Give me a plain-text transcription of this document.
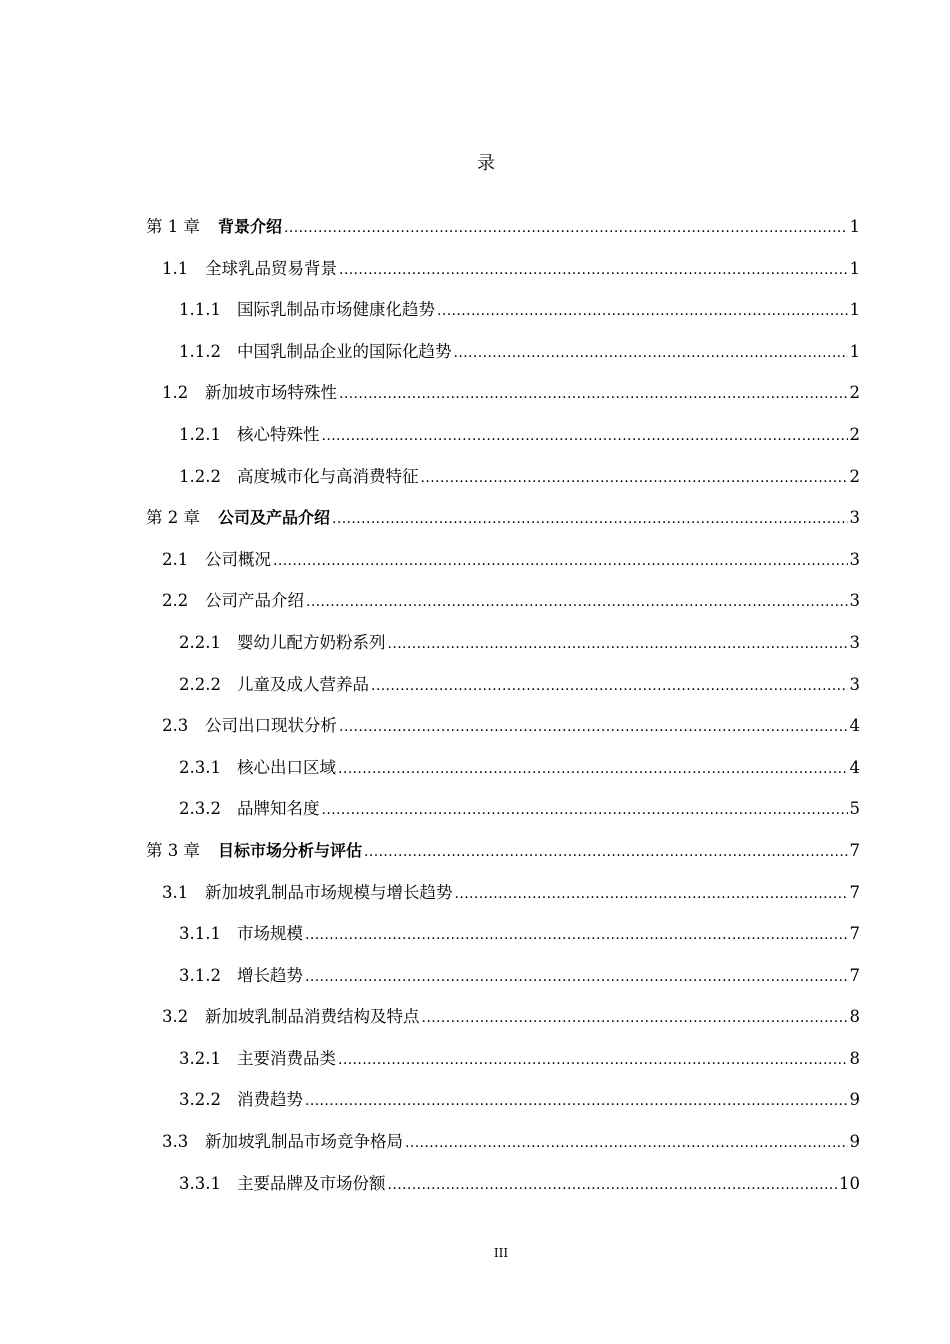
录
第 1 章 背景介绍 .....	1
1.1	全球乳品贸易背景 .....	1
1.1.1 国际乳制品市场健康化趋势 .....	1
1.1.2 中国乳制品企业的国际化趋势 .....	1
1.2	新加坡市场特殊性 .....	2
1.2.1 核心特殊性 .....	2
1.2.2 高度城市化与高消费特征 .....	2
第 2 章 公司及产品介绍 .....	3
2.1	公司概况 .....	3
2.2	公司产品介绍 .....	3
2.2.1 婴幼儿配方奶粉系列 .....	3
2.2.2 儿童及成人营养品 .....	3
2.3	公司出口现状分析 .....	4
2.3.1 核心出口区域 .....	4
2.3.2 品牌知名度 .....	5
第 3 章 目标市场分析与评估 .....	7
3.1	新加坡乳制品市场规模与增长趋势 .....	7
3.1.1 市场规模 .....	7
3.1.2 增长趋势 .....	7
3.2	新加坡乳制品消费结构及特点 .....	8
3.2.1 主要消费品类 .....	8
3.2.2 消费趋势 .....	9
3.3	新加坡乳制品市场竞争格局 .....	9
3.3.1 主要品牌及市场份额 .....	10
III
